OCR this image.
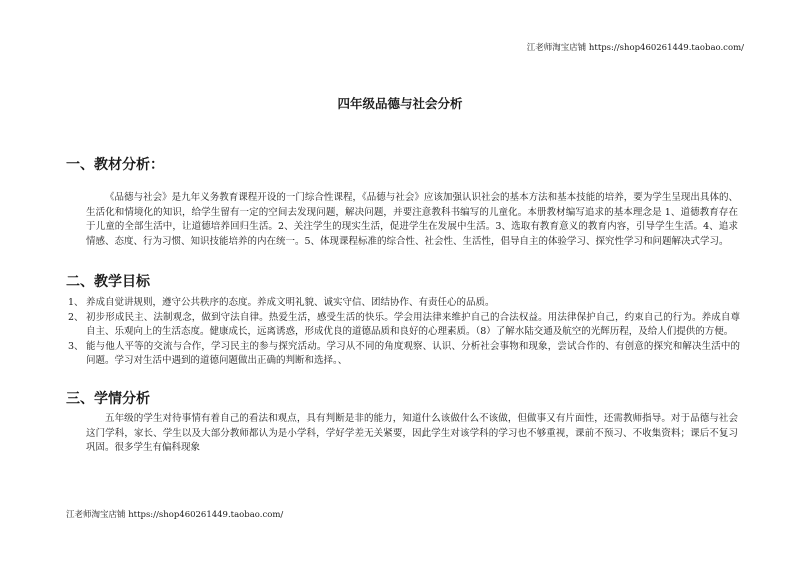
江老师淘宝店铺 https://shop460261449.taobao.com/
四年级品德与社会分析
一、教材分析：

《品德与社会》是九年义务教育课程开设的一门综合性课程，《品德与社会》应该加强认识社会的基本方法和基本技能的培养，要为学生呈现出具体的、生活化和情境化的知识，给学生留有一定的空间去发现问题，解决问题，并要注意教科书编写的儿童化。本册教材编写追求的基本理念是 1、道德教育存在于儿童的全部生活中，让道德培养回归生活。2、关注学生的现实生活，促进学生在发展中生活。3、选取有教育意义的教育内容，引导学生生活。4、追求情感、态度、行为习惯、知识技能培养的内在统一。5、体现课程标准的综合性、社会性、生活性，倡导自主的体验学习、探究性学习和问题解决式学习。

二、教学目标
1、 养成自觉讲规则，遵守公共秩序的态度。养成文明礼貌、诚实守信、团结协作、有责任心的品质。
2、 初步形成民主、法制观念，做到守法自律。热爱生活，感受生活的快乐。学会用法律来维护自己的合法权益。用法律保护自己，约束自己的行为。养成自尊自主、乐观向上的生活态度。健康成长，远离诱惑，形成优良的道德品质和良好的心理素质。（8）了解水陆交通及航空的光辉历程，及给人们提供的方便。
3、 能与他人平等的交流与合作，学习民主的参与探究活动。学习从不同的角度观察、认识、分析社会事物和现象，尝试合作的、有创意的探究和解决生活中的问题。学习对生活中遇到的道德问题做出正确的判断和选择。、
三、学情分析

五年级的学生对待事情有着自己的看法和观点，具有判断是非的能力，知道什么该做什么不该做，但做事又有片面性，还需教师指导。对于品德与社会这门学科，家长、学生以及大部分教师都认为是小学科，学好学差无关紧要，因此学生对该学科的学习也不够重视，课前不预习、不收集资料；课后不复习巩固。很多学生有偏科现象

江老师淘宝店铺 https://shop460261449.taobao.com/
